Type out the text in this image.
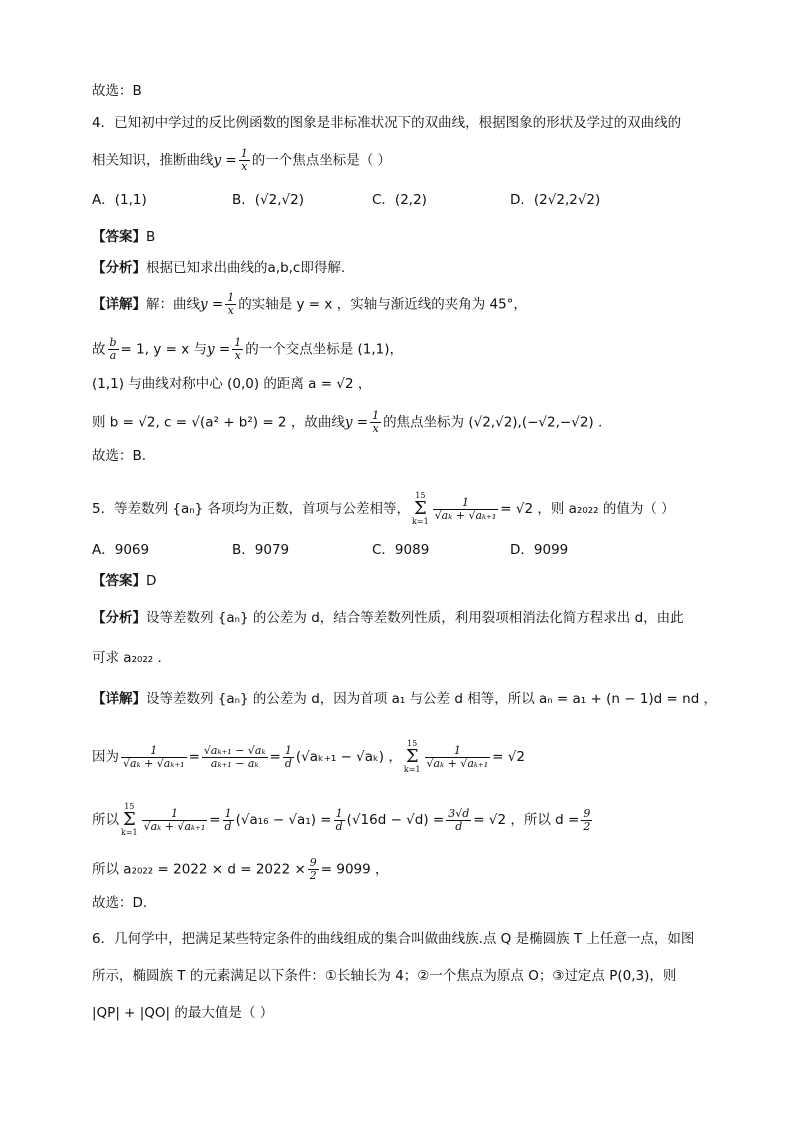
故选：B
4．已知初中学过的反比例函数的图象是非标准状况下的双曲线，根据图象的形状及学过的双曲线的
相关知识，推断曲线$y = \frac{1}{x}$ 的一个焦点坐标是（ ）
A．(1,1)	B．(√2,√2)	C．(2,2)	D．(2√2,2√2)
【答案】B
【分析】根据已知求出曲线的a,b,c即得解.
【详解】解：曲线$y = \frac{1}{x}$ 的实轴是 y = x ，实轴与渐近线的夹角为 45°，
故 $\frac{b}{a} = 1$, y = x 与$y = \frac{1}{x}$ 的一个交点坐标是 (1,1)，
(1,1) 与曲线对称中心 (0,0) 的距离 a = √2 ，
则 b = √2, c = √(a² + b²) = 2 ，故曲线$y = \frac{1}{x}$ 的焦点坐标为 (√2,√2),(−√2,−√2) .
故选：B.
5．等差数列 {aₙ} 各项均为正数，首项与公差相等，15
Σ
$k=1 \frac{1}{\text{√aₖ + √aₖ₊₁}} = √2$ ，则 a₂₀₂₂ 的值为（ ）
A．9069	B．9079	C．9089	D．9099
【答案】D
【分析】设等差数列 {aₙ} 的公差为 d，结合等差数列性质，利用裂项相消法化简方程求出 d，由此
可求 a₂₀₂₂ .
【详解】设等差数列 {aₙ} 的公差为 d，因为首项 a₁ 与公差 d 相等，所以 aₙ = a₁ + (n − 1)d = nd ，
因为 $\frac{1}{\text{√aₖ + √aₖ₊₁}} = \frac{\text{√aₖ₊₁ − √aₖ}}{\text{aₖ₊₁ − aₖ}} = \frac{1}{d} (√a_{k+1} - √a_k)$ ，15
Σ
$k=1 \frac{1}{\text{√aₖ + √aₖ₊₁}} = √2$
所以15
Σ
$k=1 \frac{1}{\text{√aₖ + √aₖ₊₁}} = \frac{1}{d} (√a_{16} - √a_1) = \frac{1}{d} (√16d - √d) = \frac{3√d}{d} = √2$ ，所以 $d = \frac{9}{2}$
所以 $a_{2022} = 2022 \times d = 2022 \times \frac{9}{2} = 9099$ ，
故选：D.
6．几何学中，把满足某些特定条件的曲线组成的集合叫做曲线族.点 Q 是椭圆族 T 上任意一点，如图
所示，椭圆族 T 的元素满足以下条件：①长轴长为 4；②一个焦点为原点 O；③过定点 P(0,3)，则
|QP| + |QO| 的最大值是（ ）
